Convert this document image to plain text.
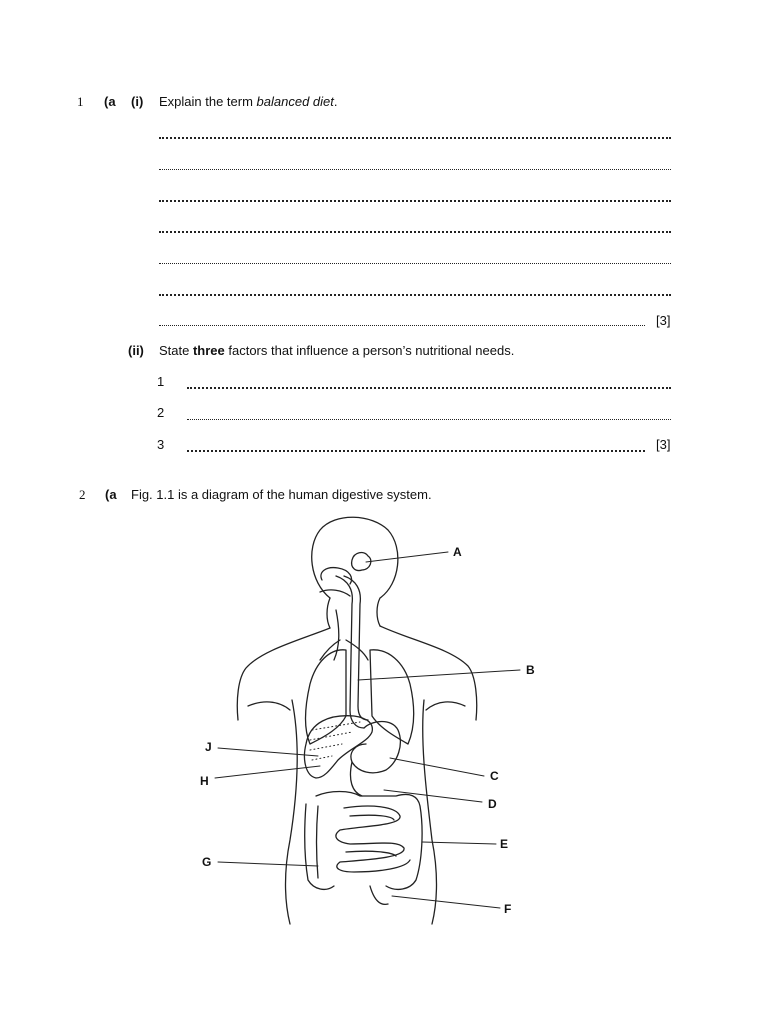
1 (a (i) Explain the term balanced diet.
[3]
(ii) State three factors that influence a person’s nutritional needs.
1
2
3	[3]
2 (a Fig. 1.1 is a diagram of the human digestive system.
A
B
C
D
E
F
G
H
J
